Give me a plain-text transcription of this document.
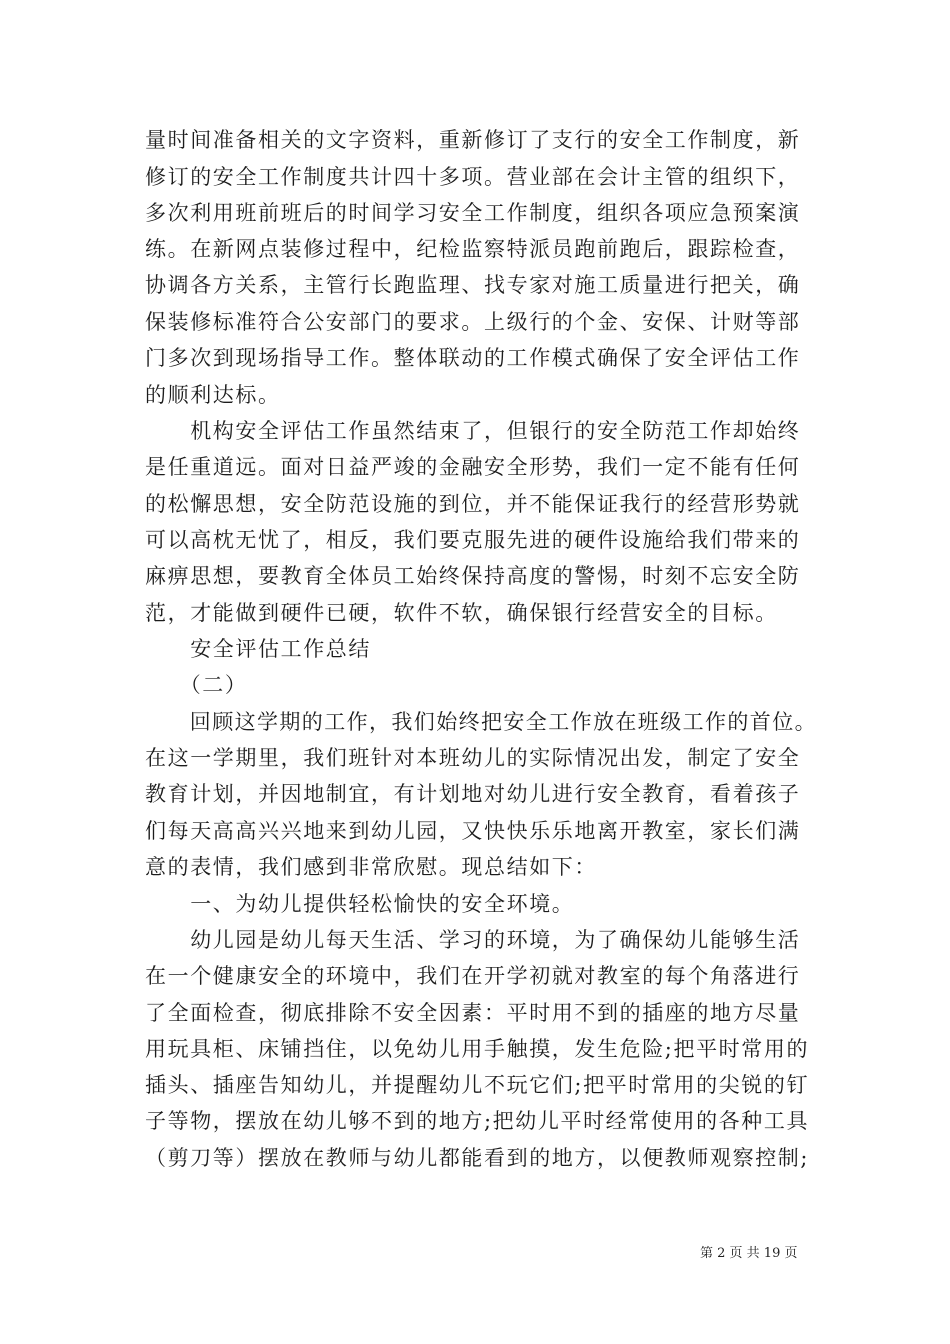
量时间准备相关的文字资料，重新修订了支行的安全工作制度，新

修订的安全工作制度共计四十多项。营业部在会计主管的组织下，

多次利用班前班后的时间学习安全工作制度，组织各项应急预案演

练。在新网点装修过程中，纪检监察特派员跑前跑后，跟踪检查，

协调各方关系，主管行长跑监理、找专家对施工质量进行把关，确

保装修标准符合公安部门的要求。上级行的个金、安保、计财等部

门多次到现场指导工作。整体联动的工作模式确保了安全评估工作

的顺利达标。

　　机构安全评估工作虽然结束了，但银行的安全防范工作却始终

是任重道远。面对日益严竣的金融安全形势，我们一定不能有任何

的松懈思想，安全防范设施的到位，并不能保证我行的经营形势就

可以高枕无忧了，相反，我们要克服先进的硬件设施给我们带来的

麻痹思想，要教育全体员工始终保持高度的警惕，时刻不忘安全防

范，才能做到硬件已硬，软件不软，确保银行经营安全的目标。

　　安全评估工作总结

　　（二）

　　回顾这学期的工作，我们始终把安全工作放在班级工作的首位。

在这一学期里，我们班针对本班幼儿的实际情况出发，制定了安全

教育计划，并因地制宜，有计划地对幼儿进行安全教育，看着孩子

们每天高高兴兴地来到幼儿园，又快快乐乐地离开教室，家长们满

意的表情，我们感到非常欣慰。现总结如下：

　　一、为幼儿提供轻松愉快的安全环境。

　　幼儿园是幼儿每天生活、学习的环境，为了确保幼儿能够生活

在一个健康安全的环境中，我们在开学初就对教室的每个角落进行

了全面检查，彻底排除不安全因素：平时用不到的插座的地方尽量

用玩具柜、床铺挡住，以免幼儿用手触摸，发生危险;把平时常用的

插头、插座告知幼儿，并提醒幼儿不玩它们;把平时常用的尖锐的钉

子等物，摆放在幼儿够不到的地方;把幼儿平时经常使用的各种工具

（剪刀等）摆放在教师与幼儿都能看到的地方，以便教师观察控制;

第 2 页 共 19 页
